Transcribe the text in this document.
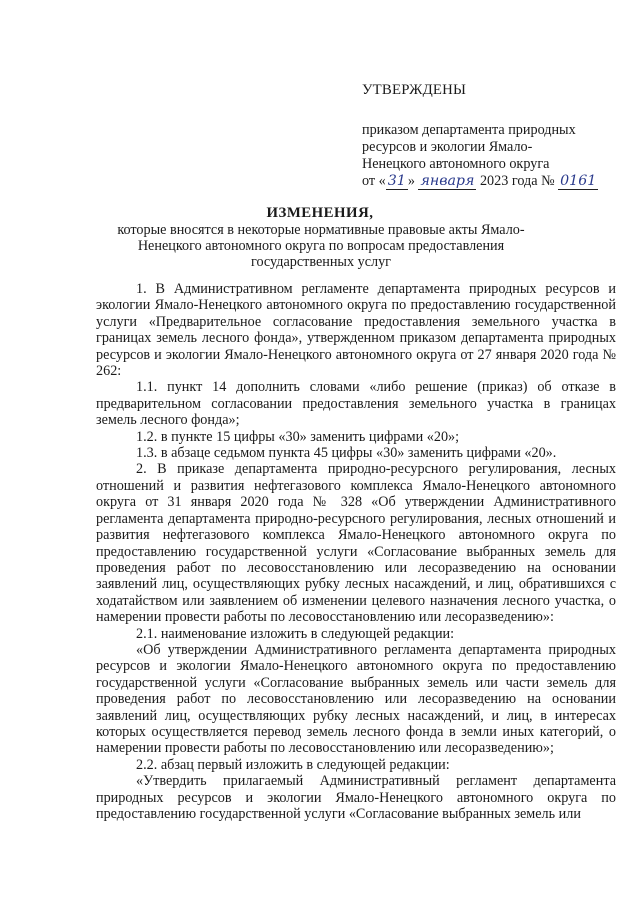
УТВЕРЖДЕНЫ
приказом департамента природных
ресурсов и экологии Ямало-
Ненецкого автономного округа
от « 31 » января 2023 года № 0161
ИЗМЕНЕНИЯ,
которые вносятся в некоторые нормативные правовые акты Ямало-Ненецкого автономного округа по вопросам предоставления государственных услуг

1. В Административном регламенте департамента природных ресурсов и экологии Ямало-Ненецкого автономного округа по предоставлению государственной услуги «Предварительное согласование предоставления земельного участка в границах земель лесного фонда», утвержденном приказом департамента природных ресурсов и экологии Ямало-Ненецкого автономного округа от 27 января 2020 года № 262:

1.1. пункт 14 дополнить словами «либо решение (приказ) об отказе в предварительном согласовании предоставления земельного участка в границах земель лесного фонда»;

1.2. в пункте 15 цифры «30» заменить цифрами «20»;

1.3. в абзаце седьмом пункта 45 цифры «30» заменить цифрами «20».

2. В приказе департамента природно-ресурсного регулирования, лесных отношений и развития нефтегазового комплекса Ямало-Ненецкого автономного округа от 31 января 2020 года № 328 «Об утверждении Административного регламента департамента природно-ресурсного регулирования, лесных отношений и развития нефтегазового комплекса Ямало-Ненецкого автономного округа по предоставлению государственной услуги «Согласование выбранных земель для проведения работ по лесовосстановлению или лесоразведению на основании заявлений лиц, осуществляющих рубку лесных насаждений, и лиц, обратившихся с ходатайством или заявлением об изменении целевого назначения лесного участка, о намерении провести работы по лесовосстановлению или лесоразведению»:

2.1. наименование изложить в следующей редакции:

«Об утверждении Административного регламента департамента природных ресурсов и экологии Ямало-Ненецкого автономного округа по предоставлению государственной услуги «Согласование выбранных земель или части земель для проведения работ по лесовосстановлению или лесоразведению на основании заявлений лиц, осуществляющих рубку лесных насаждений, и лиц, в интересах которых осуществляется перевод земель лесного фонда в земли иных категорий, о намерении провести работы по лесовосстановлению или лесоразведению»;

2.2. абзац первый изложить в следующей редакции:

«Утвердить прилагаемый Административный регламент департамента природных ресурсов и экологии Ямало-Ненецкого автономного округа по предоставлению государственной услуги «Согласование выбранных земель или
